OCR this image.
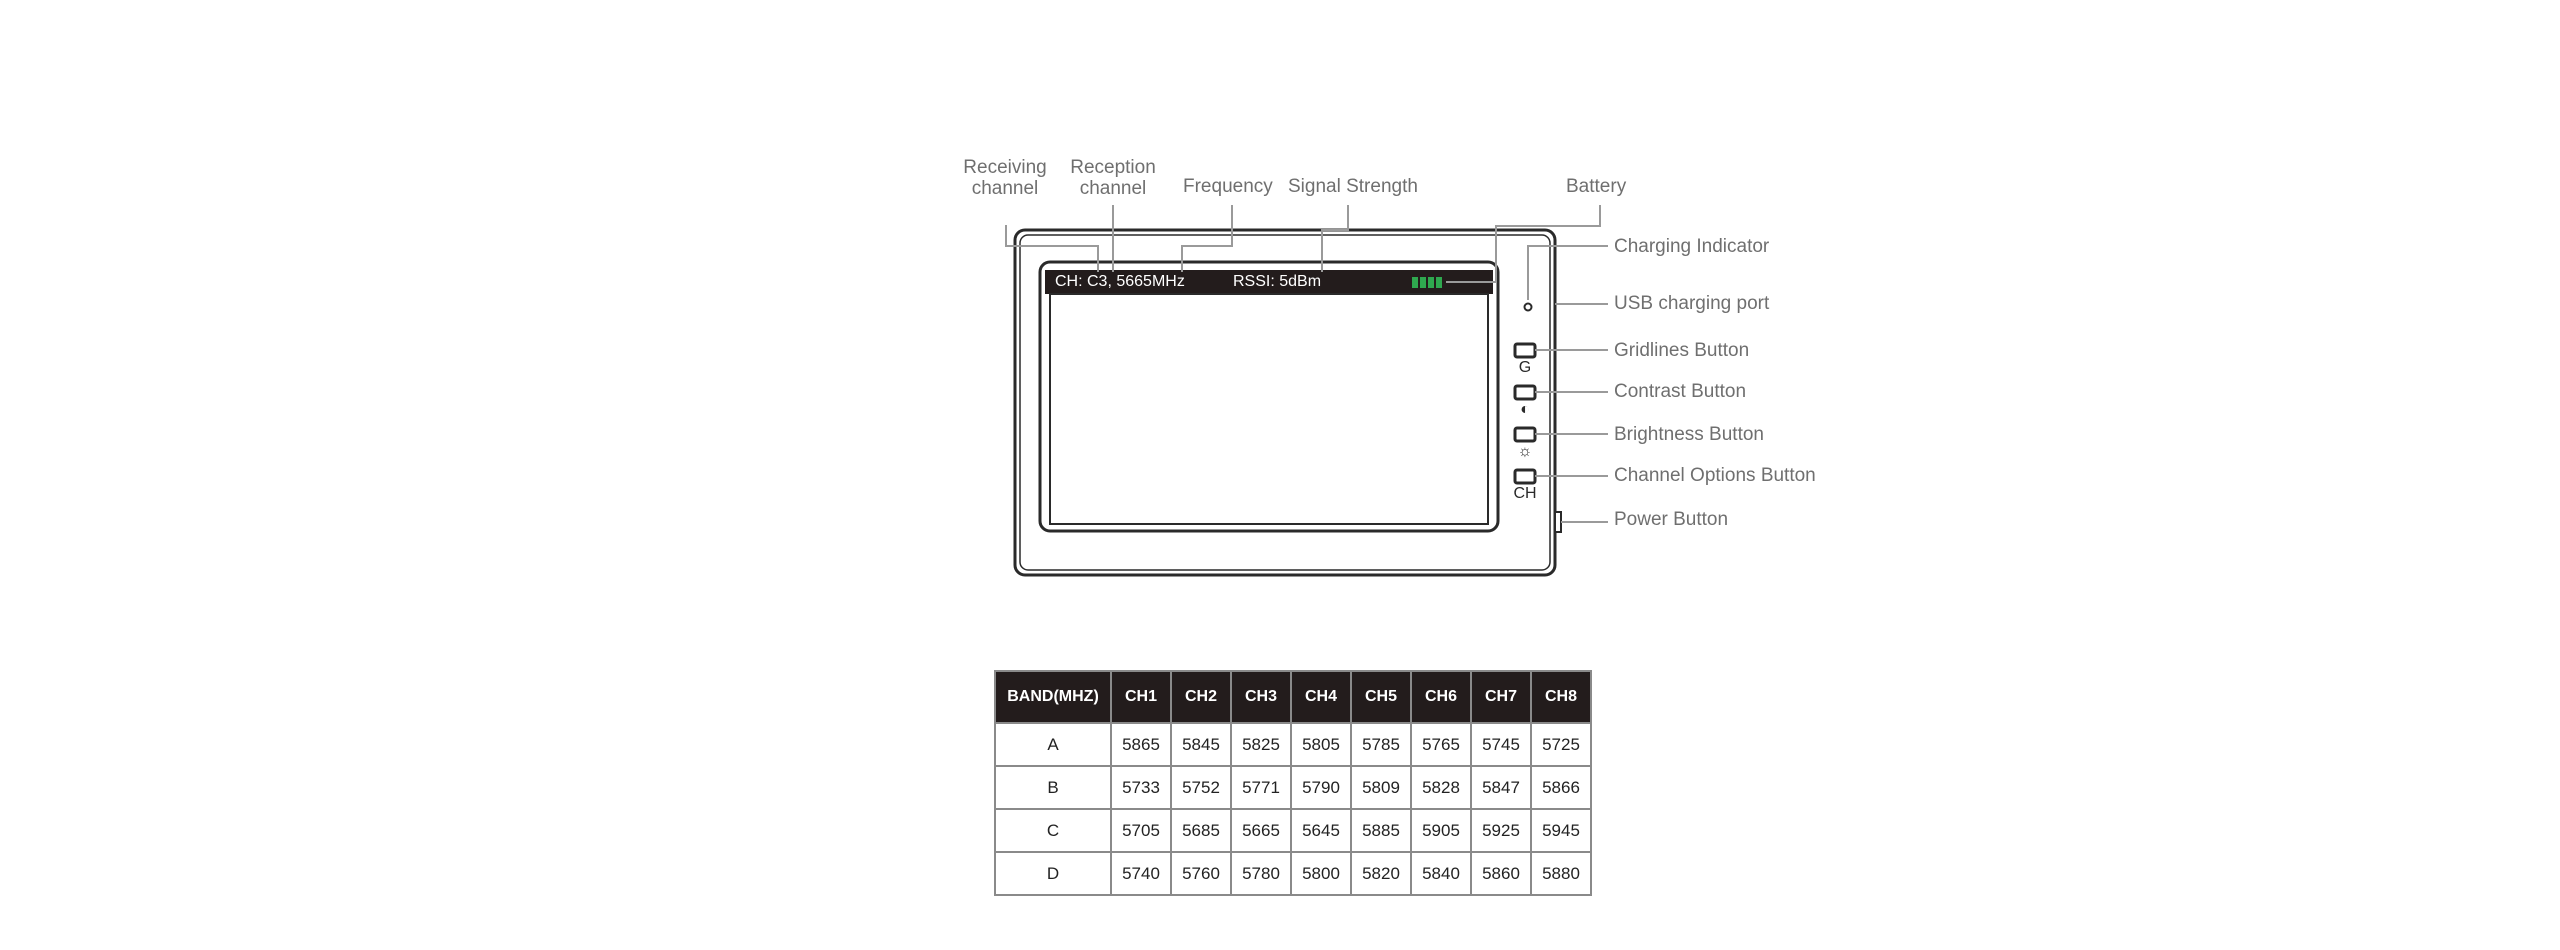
CH: C3, 5665MHz	RSSI: 5dBm
G
◐
☼
CH
Receiving
channel
Reception
channel	Frequency Signal Strength	Battery
Charging Indicator
USB charging port
Gridlines Button
Contrast Button
Brightness Button
Channel Options Button
Power Button
BAND(MHZ)	CH1	CH2	CH3	CH4	CH5	CH6	CH7	CH8
A	5865	5845	5825	5805	5785	5765	5745	5725
B	5733	5752	5771	5790	5809	5828	5847	5866
C	5705	5685	5665	5645	5885	5905	5925	5945
D	5740	5760	5780	5800	5820	5840	5860	5880
